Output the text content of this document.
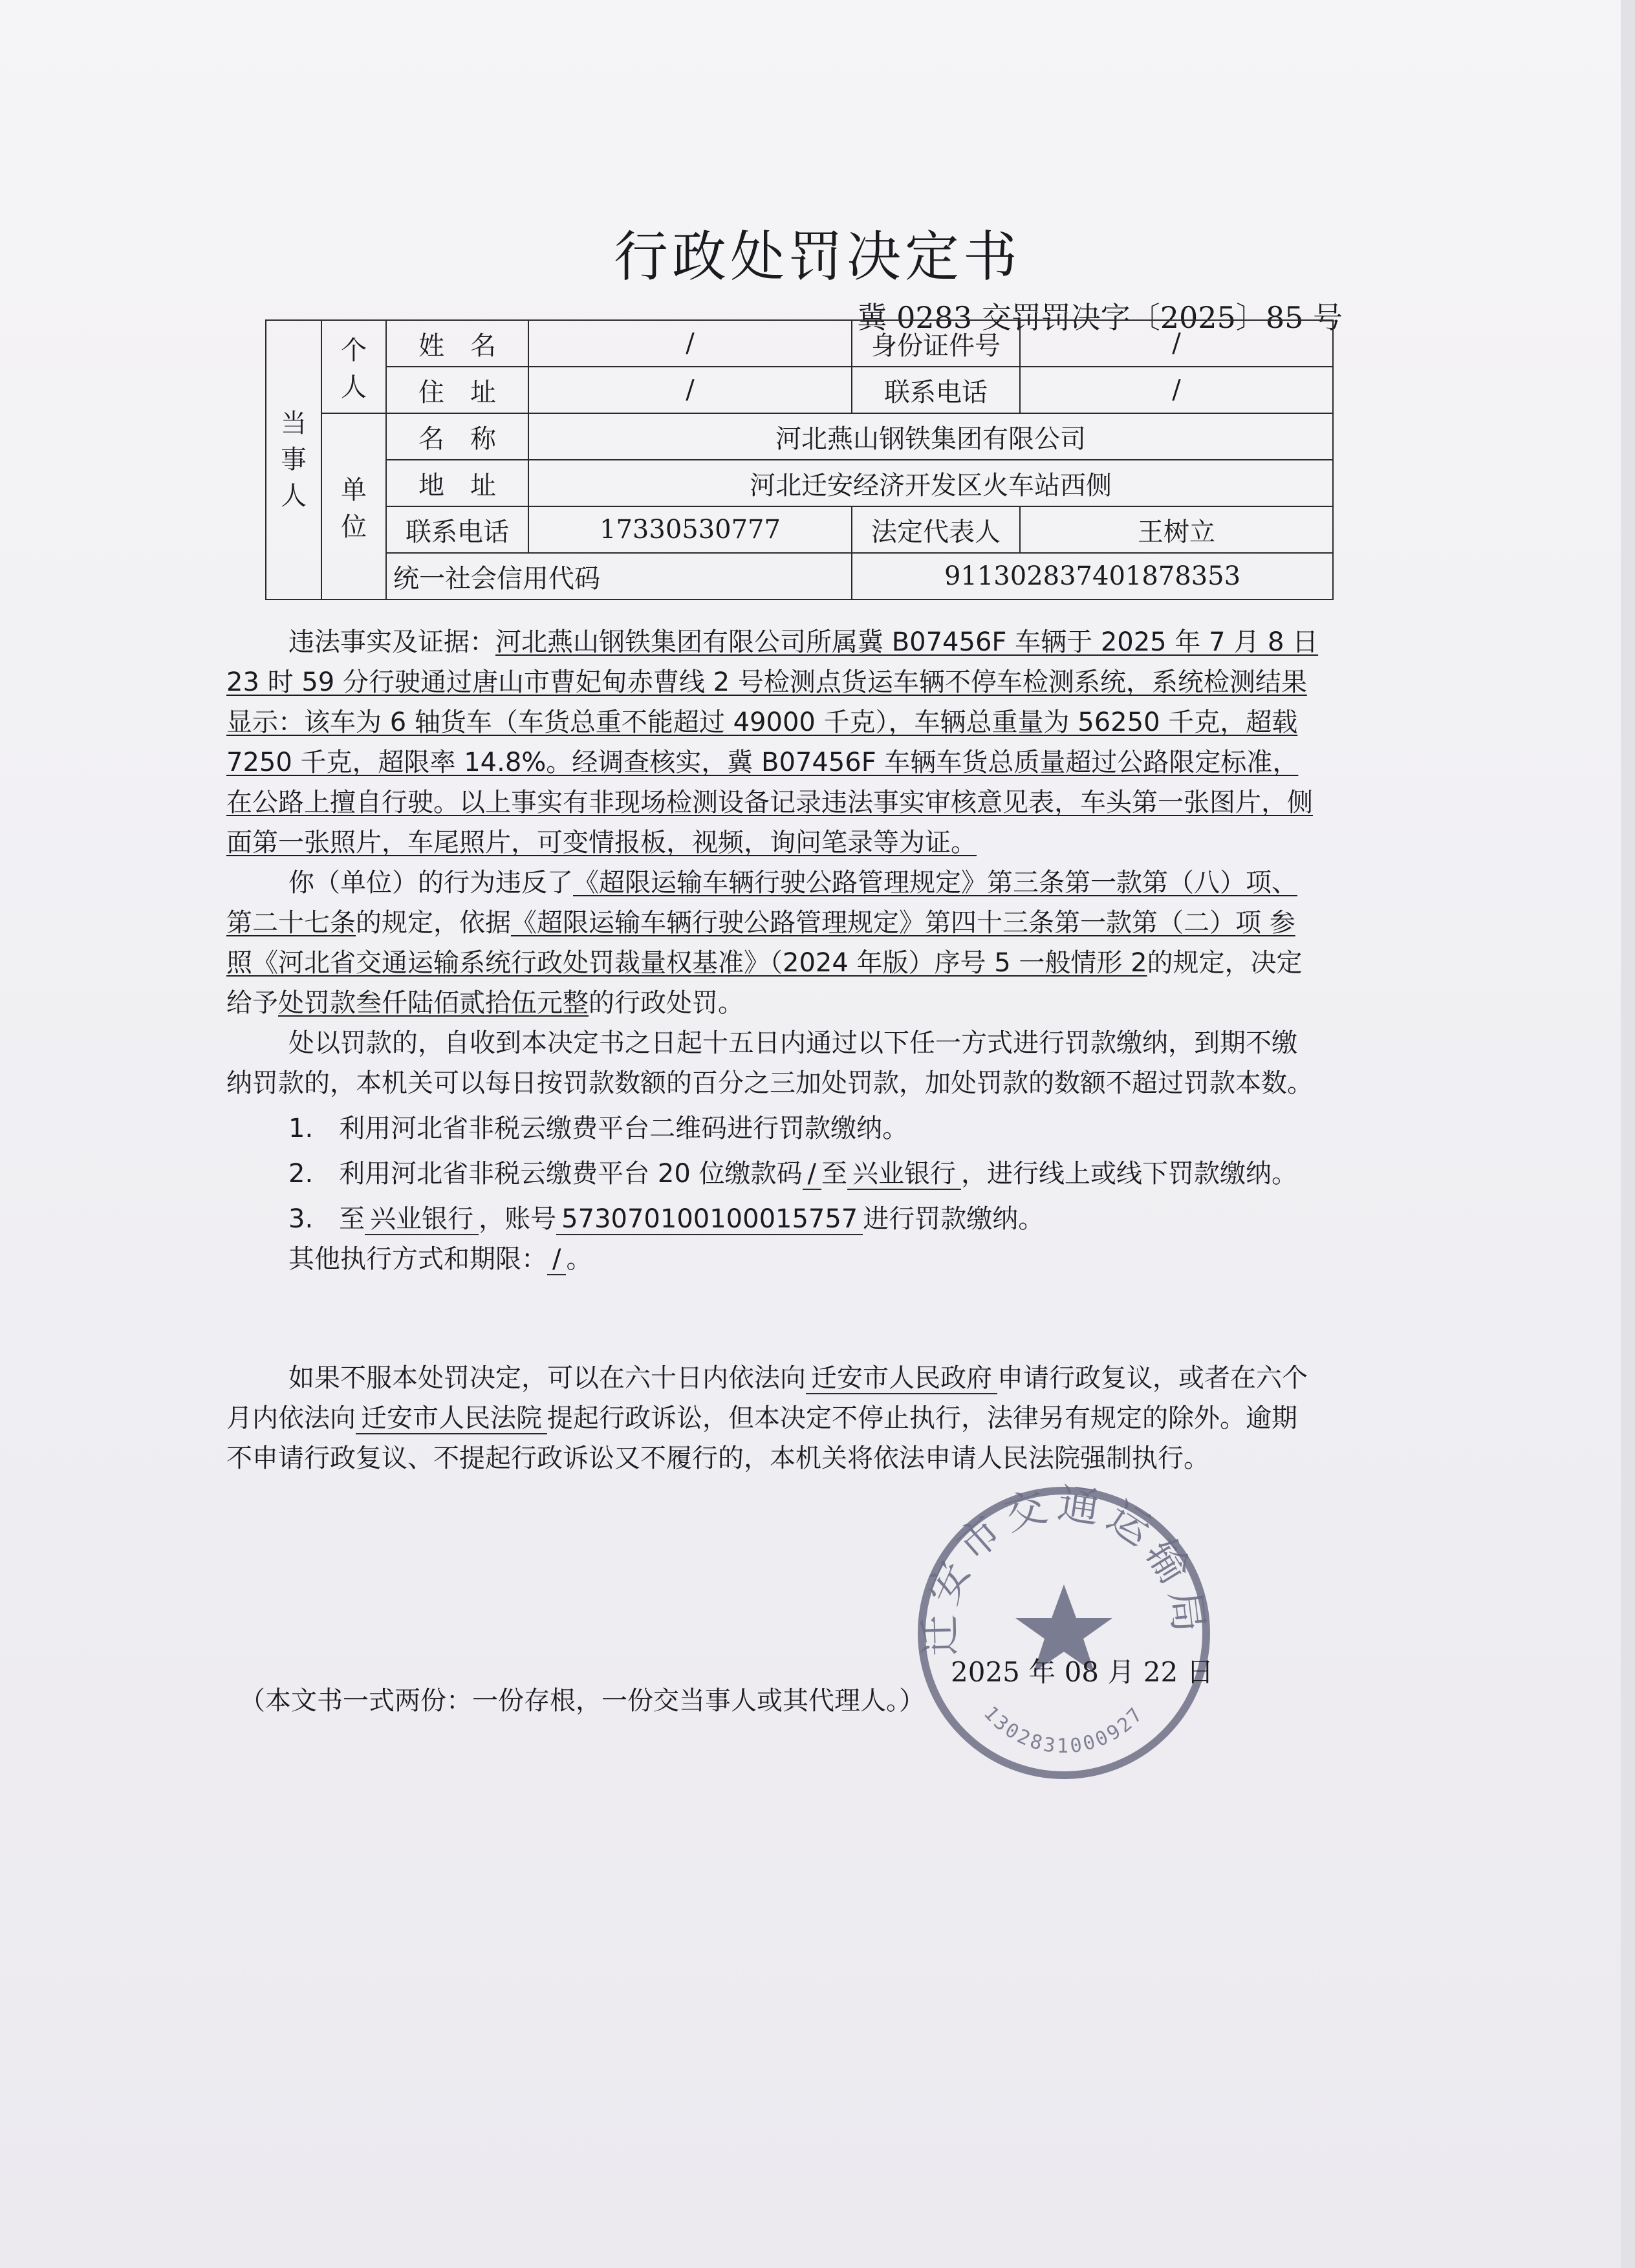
行政处罚决定书
冀 0283 交罚罚决字〔2025〕85 号
当事人	个人	姓　名	/	身份证件号	/
		住　址	/	联系电话	/
	单位	名　称	河北燕山钢铁集团有限公司		
		地　址	河北迁安经济开发区火车站西侧		
		联系电话	17330530777	法定代表人	王树立
		统一社会信用代码		911302837401878353	

违法事实及证据：河北燕山钢铁集团有限公司所属冀 B07456F 车辆于 2025 年 7 月 8 日 23 时 59 分行驶通过唐山市曹妃甸赤曹线 2 号检测点货运车辆不停车检测系统，系统检测结果显示：该车为 6 轴货车（车货总重不能超过 49000 千克），车辆总重量为 56250 千克，超载 7250 千克，超限率 14.8%。经调查核实，冀 B07456F 车辆车货总质量超过公路限定标准，在公路上擅自行驶。以上事实有非现场检测设备记录违法事实审核意见表，车头第一张图片，侧面第一张照片，车尾照片，可变情报板，视频，询问笔录等为证。

你（单位）的行为违反了《超限运输车辆行驶公路管理规定》第三条第一款第（八）项、第二十七条的规定，依据《超限运输车辆行驶公路管理规定》第四十三条第一款第（二）项 参照《河北省交通运输系统行政处罚裁量权基准》（2024 年版）序号 5 一般情形 2的规定，决定给予处罚款叁仟陆佰贰拾伍元整的行政处罚。

处以罚款的，自收到本决定书之日起十五日内通过以下任一方式进行罚款缴纳，到期不缴纳罚款的，本机关可以每日按罚款数额的百分之三加处罚款，加处罚款的数额不超过罚款本数。

1.　利用河北省非税云缴费平台二维码进行罚款缴纳。

2.　利用河北省非税云缴费平台 20 位缴款码 / 至 兴业银行 ，进行线上或线下罚款缴纳。

3.　至 兴业银行 ，账号 573070100100015757 进行罚款缴纳。

其他执行方式和期限： / 。

如果不服本处罚决定，可以在六十日内依法向 迁安市人民政府 申请行政复议，或者在六个月内依法向 迁安市人民法院 提起行政诉讼，但本决定不停止执行，法律另有规定的除外。逾期不申请行政复议、不提起行政诉讼又不履行的，本机关将依法申请人民法院强制执行。

迁安市交通运输局
1302831000927
2025 年 08 月 22 日
（本文书一式两份：一份存根，一份交当事人或其代理人。）
